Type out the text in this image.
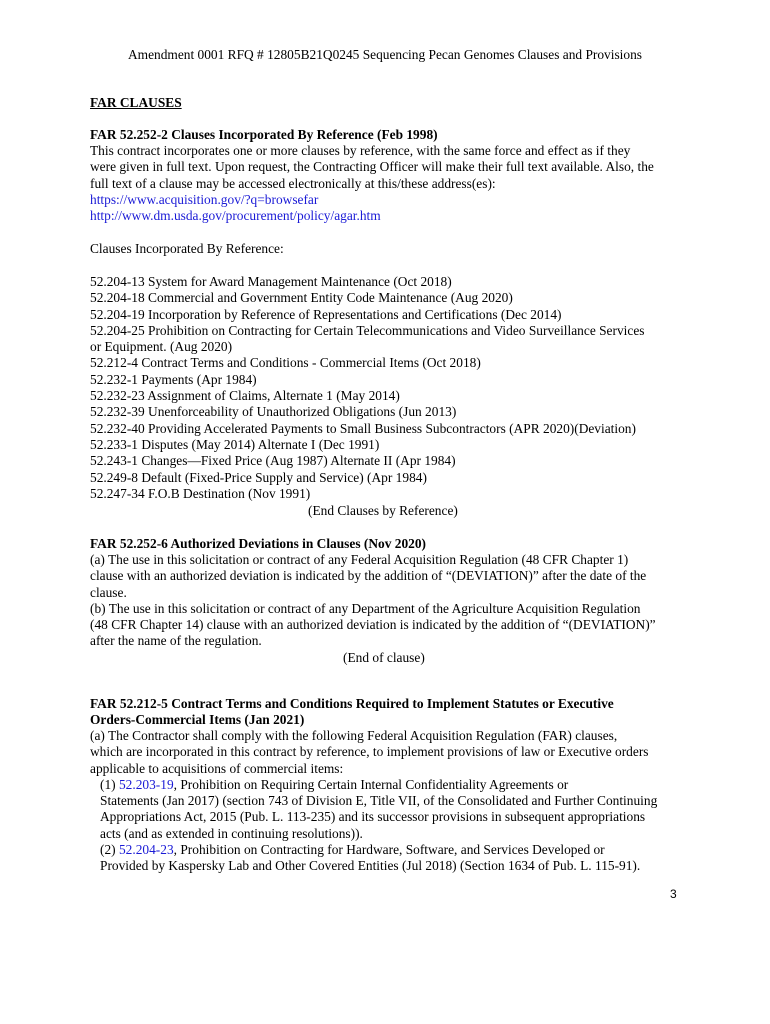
Amendment 0001 RFQ # 12805B21Q0245 Sequencing Pecan Genomes Clauses and Provisions
FAR CLAUSES
FAR 52.252-2 Clauses Incorporated By Reference (Feb 1998)
This contract incorporates one or more clauses by reference, with the same force and effect as if they
were given in full text. Upon request, the Contracting Officer will make their full text available. Also, the
full text of a clause may be accessed electronically at this/these address(es):
https://www.acquisition.gov/?q=browsefar
http://www.dm.usda.gov/procurement/policy/agar.htm
Clauses Incorporated By Reference:
52.204-13 System for Award Management Maintenance (Oct 2018)
52.204-18 Commercial and Government Entity Code Maintenance (Aug 2020)
52.204-19 Incorporation by Reference of Representations and Certifications (Dec 2014)
52.204-25 Prohibition on Contracting for Certain Telecommunications and Video Surveillance Services
or Equipment. (Aug 2020)
52.212-4 Contract Terms and Conditions - Commercial Items (Oct 2018)
52.232-1 Payments (Apr 1984)
52.232-23 Assignment of Claims, Alternate 1 (May 2014)
52.232-39 Unenforceability of Unauthorized Obligations (Jun 2013)
52.232-40 Providing Accelerated Payments to Small Business Subcontractors (APR 2020)(Deviation)
52.233-1 Disputes (May 2014) Alternate I (Dec 1991)
52.243-1 Changes—Fixed Price (Aug 1987) Alternate II (Apr 1984)
52.249-8 Default (Fixed-Price Supply and Service) (Apr 1984)
52.247-34 F.O.B Destination (Nov 1991)
(End Clauses by Reference)
FAR 52.252-6 Authorized Deviations in Clauses (Nov 2020)
(a) The use in this solicitation or contract of any Federal Acquisition Regulation (48 CFR Chapter 1)
clause with an authorized deviation is indicated by the addition of “(DEVIATION)” after the date of the
clause.
(b) The use in this solicitation or contract of any Department of the Agriculture Acquisition Regulation
(48 CFR Chapter 14) clause with an authorized deviation is indicated by the addition of “(DEVIATION)”
after the name of the regulation.
(End of clause)
FAR 52.212-5 Contract Terms and Conditions Required to Implement Statutes or Executive
Orders-Commercial Items (Jan 2021)
(a) The Contractor shall comply with the following Federal Acquisition Regulation (FAR) clauses,
which are incorporated in this contract by reference, to implement provisions of law or Executive orders
applicable to acquisitions of commercial items:
(1) 52.203-19, Prohibition on Requiring Certain Internal Confidentiality Agreements or
Statements (Jan 2017) (section 743 of Division E, Title VII, of the Consolidated and Further Continuing
Appropriations Act, 2015 (Pub. L. 113-235) and its successor provisions in subsequent appropriations
acts (and as extended in continuing resolutions)).
(2) 52.204-23, Prohibition on Contracting for Hardware, Software, and Services Developed or
Provided by Kaspersky Lab and Other Covered Entities (Jul 2018) (Section 1634 of Pub. L. 115-91).
3
